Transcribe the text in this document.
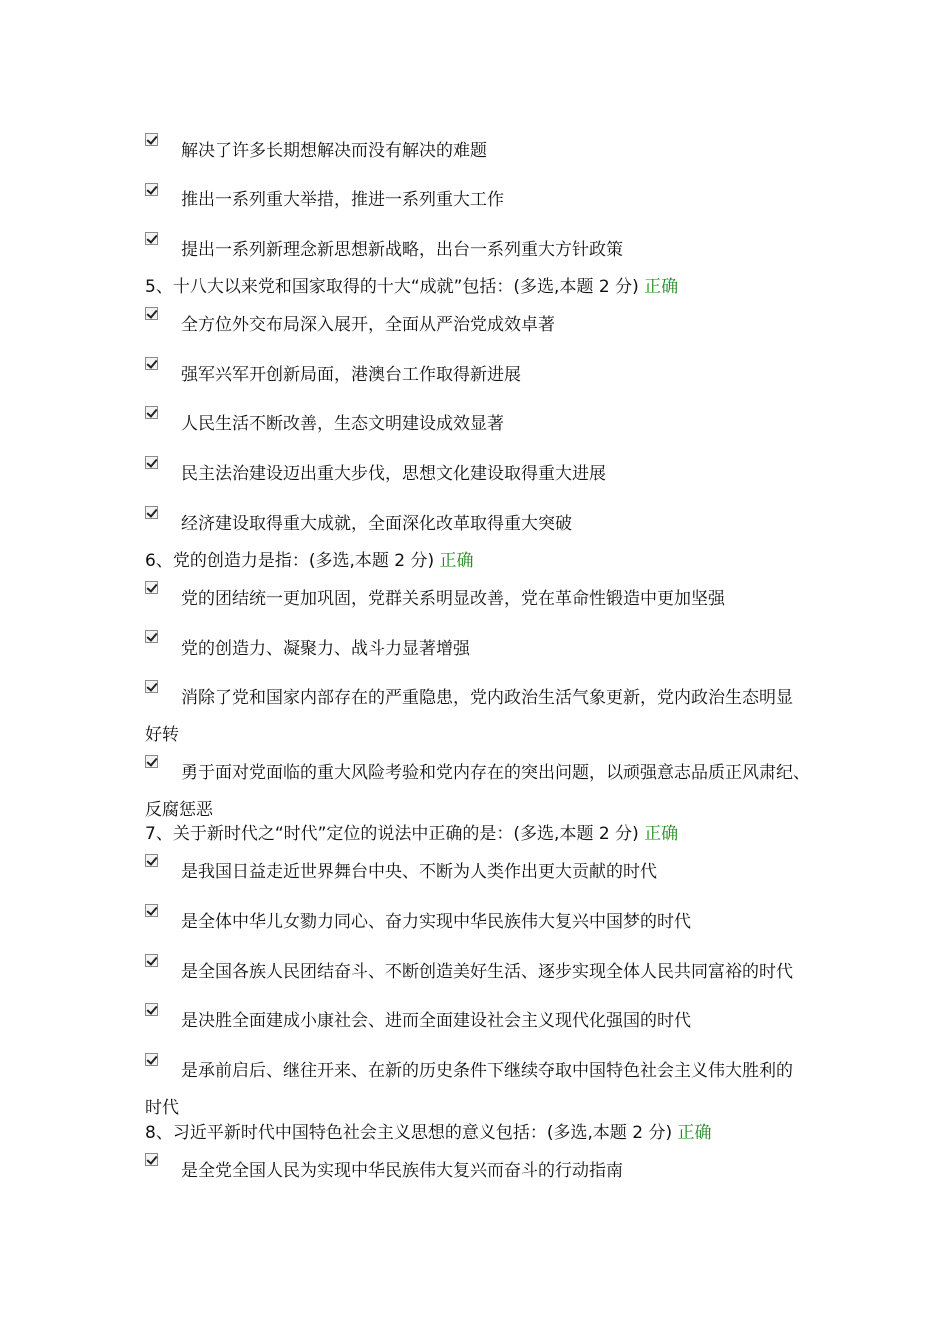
解决了许多长期想解决而没有解决的难题
推出一系列重大举措，推进一系列重大工作
提出一系列新理念新思想新战略，出台一系列重大方针政策
5、十八大以来党和国家取得的十大“成就”包括：(多选,本题 2 分) 正确
全方位外交布局深入展开，全面从严治党成效卓著
强军兴军开创新局面，港澳台工作取得新进展
人民生活不断改善，生态文明建设成效显著
民主法治建设迈出重大步伐，思想文化建设取得重大进展
经济建设取得重大成就，全面深化改革取得重大突破
6、党的创造力是指：(多选,本题 2 分) 正确
党的团结统一更加巩固，党群关系明显改善，党在革命性锻造中更加坚强
党的创造力、凝聚力、战斗力显著增强
消除了党和国家内部存在的严重隐患，党内政治生活气象更新，党内政治生态明显
好转
勇于面对党面临的重大风险考验和党内存在的突出问题，以顽强意志品质正风肃纪、
反腐惩恶
7、关于新时代之“时代”定位的说法中正确的是：(多选,本题 2 分) 正确
是我国日益走近世界舞台中央、不断为人类作出更大贡献的时代
是全体中华儿女勠力同心、奋力实现中华民族伟大复兴中国梦的时代
是全国各族人民团结奋斗、不断创造美好生活、逐步实现全体人民共同富裕的时代
是决胜全面建成小康社会、进而全面建设社会主义现代化强国的时代
是承前启后、继往开来、在新的历史条件下继续夺取中国特色社会主义伟大胜利的
时代
8、习近平新时代中国特色社会主义思想的意义包括：(多选,本题 2 分) 正确
是全党全国人民为实现中华民族伟大复兴而奋斗的行动指南
